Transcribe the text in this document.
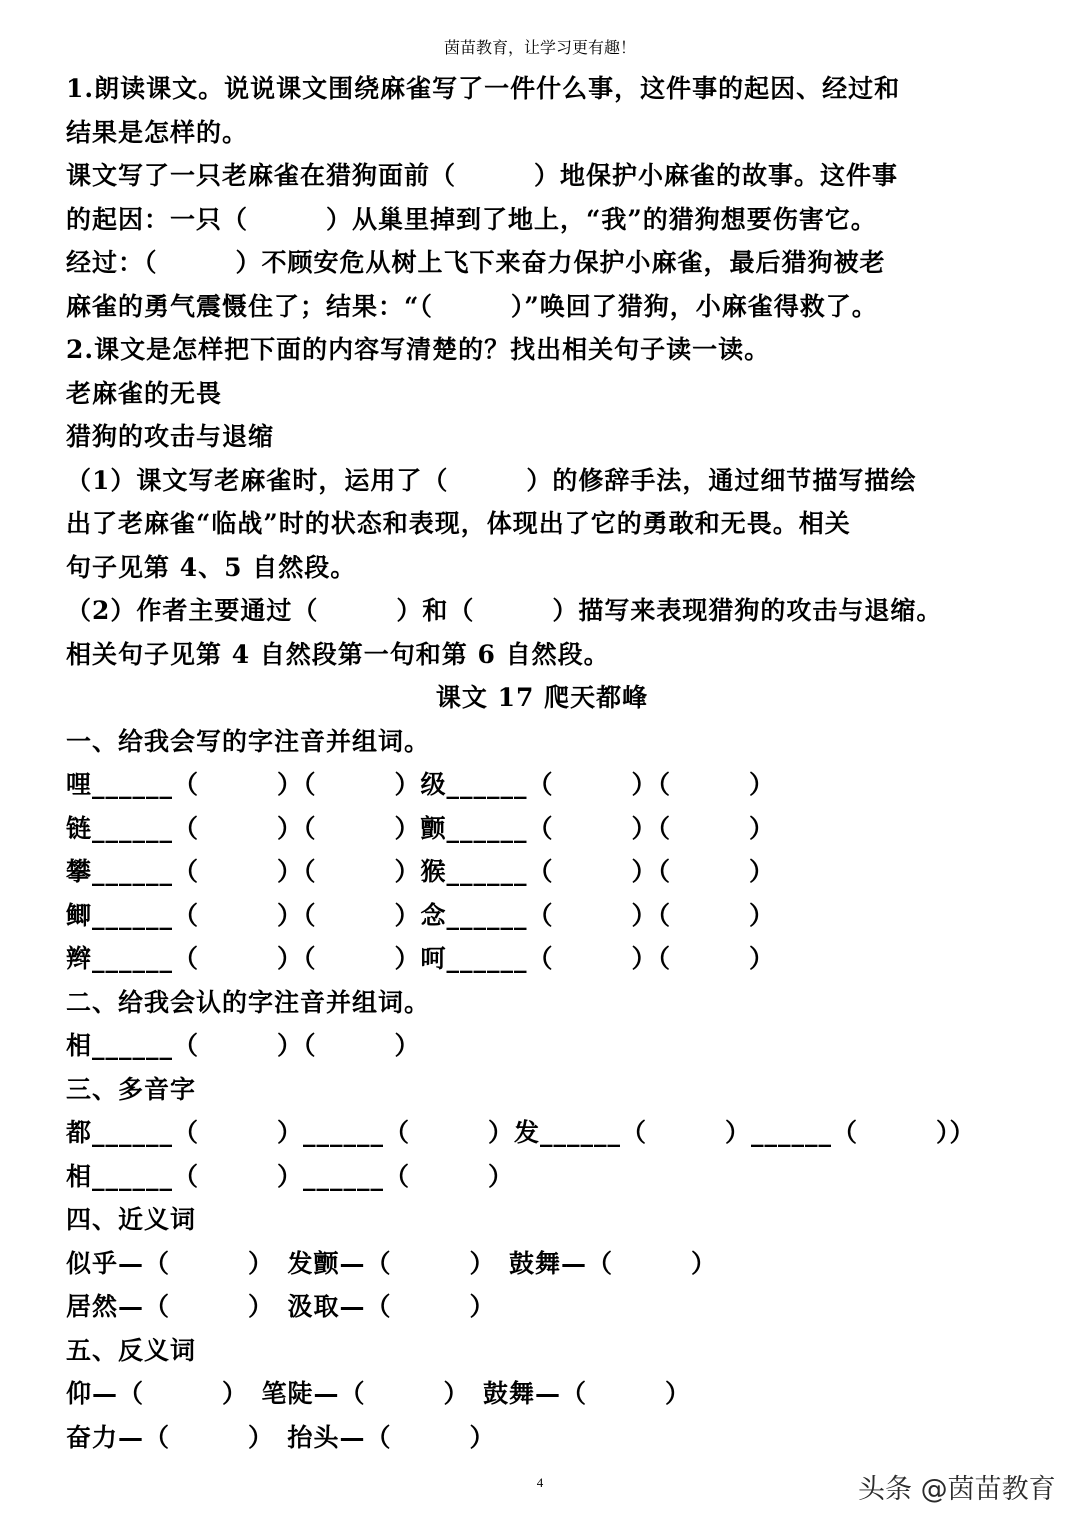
茵苗教育，让学习更有趣！
1.朗读课文。说说课文围绕麻雀写了一件什么事，这件事的起因、经过和
结果是怎样的。
课文写了一只老麻雀在猎狗面前（　　　）地保护小麻雀的故事。这件事
的起因：一只（　　　）从巢里掉到了地上，“我”的猎狗想要伤害它。
经过：（　　　）不顾安危从树上飞下来奋力保护小麻雀，最后猎狗被老
麻雀的勇气震慑住了；结果：“（　　　）”唤回了猎狗，小麻雀得救了。
2.课文是怎样把下面的内容写清楚的？找出相关句子读一读。
老麻雀的无畏
猎狗的攻击与退缩
（1）课文写老麻雀时，运用了（　　　）的修辞手法，通过细节描写描绘
出了老麻雀“临战”时的状态和表现，体现出了它的勇敢和无畏。相关
句子见第 4、5 自然段。
（2）作者主要通过（　　　）和（　　　）描写来表现猎狗的攻击与退缩。
相关句子见第 4 自然段第一句和第 6 自然段。
课文 17 爬天都峰
一、给我会写的字注音并组词。
哩______（　　　）（　　　）级______（　　　）（　　　）
链______（　　　）（　　　）颤______（　　　）（　　　）
攀______（　　　）（　　　）猴______（　　　）（　　　）
鲫______（　　　）（　　　）念______（　　　）（　　　）
辫______（　　　）（　　　）呵______（　　　）（　　　）
二、给我会认的字注音并组词。
相______（　　　）（　　　）
三、多音字
都______（　　　）______（　　　）发______（　　　）______（　　　））
相______（　　　）______（　　　）
四、近义词
似乎—（　　　）　发颤—（　　　）　鼓舞—（　　　）
居然—（　　　）　汲取—（　　　）
五、反义词
仰—（　　　）　笔陡—（　　　）　鼓舞—（　　　）
奋力—（　　　）　抬头—（　　　）
4	头条 @茵苗教育
